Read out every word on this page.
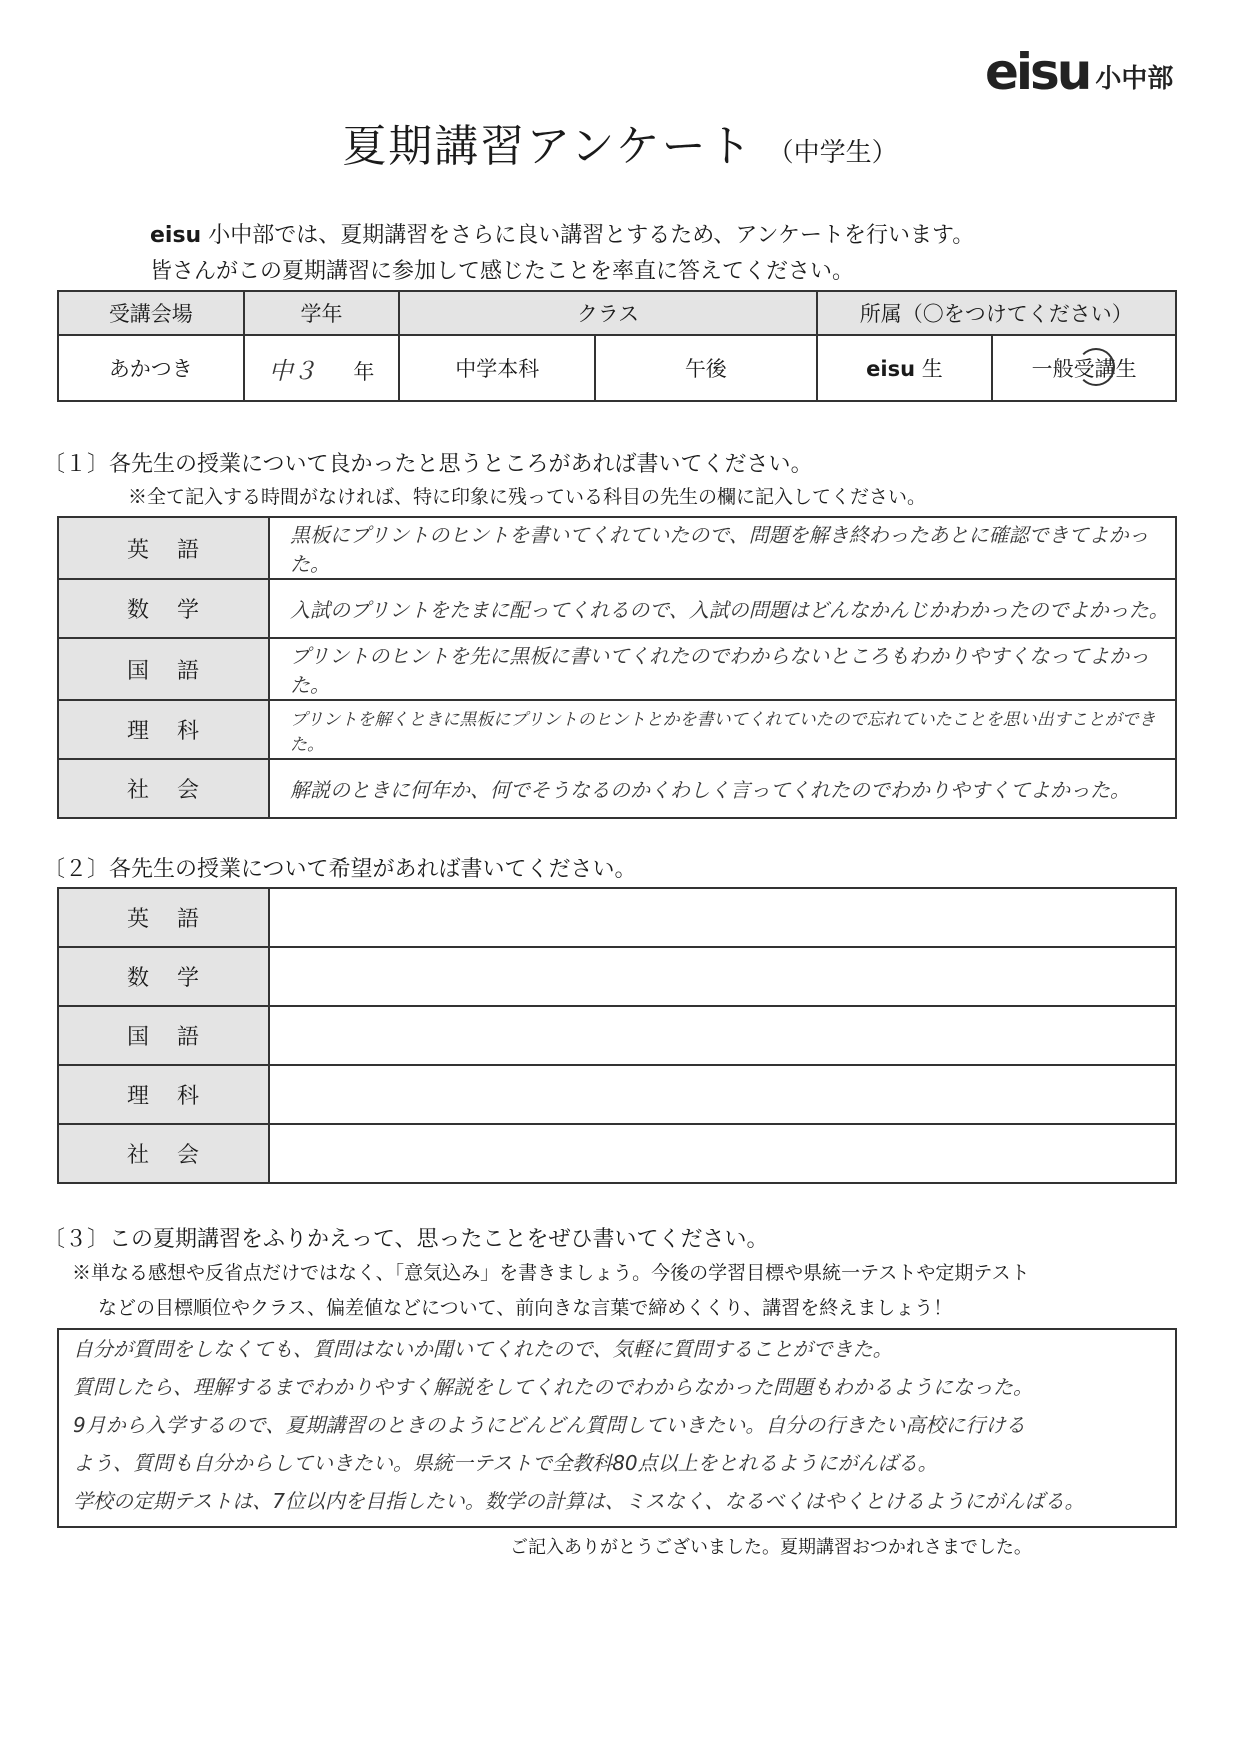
eisu 小中部
夏期講習アンケート （中学生）
eisu 小中部では、夏期講習をさらに良い講習とするため、アンケートを行います。
皆さんがこの夏期講習に参加して感じたことを率直に答えてください。
受講会場	学年	クラス		所属（〇をつけてください）	
あかつき	中３ 年	中学本科	午後	eisu 生	一般受講生
〔１〕各先生の授業について良かったと思うところがあれば書いてください。
※全て記入する時間がなければ、特に印象に残っている科目の先生の欄に記入してください。
英語	黒板にプリントのヒントを書いてくれていたので、問題を解き終わったあとに確認できてよかった。
数学	入試のプリントをたまに配ってくれるので、入試の問題はどんなかんじかわかったのでよかった。
国語	プリントのヒントを先に黒板に書いてくれたのでわからないところもわかりやすくなってよかった。
理科	プリントを解くときに黒板にプリントのヒントとかを書いてくれていたので忘れていたことを思い出すことができた。
社会	解説のときに何年か、何でそうなるのかくわしく言ってくれたのでわかりやすくてよかった。
〔２〕各先生の授業について希望があれば書いてください。
英語	
数学	
国語	
理科	
社会	
〔３〕この夏期講習をふりかえって、思ったことをぜひ書いてください。
※単なる感想や反省点だけではなく、「意気込み」を書きましょう。今後の学習目標や県統一テストや定期テスト
などの目標順位やクラス、偏差値などについて、前向きな言葉で締めくくり、講習を終えましょう！
自分が質問をしなくても、質問はないか聞いてくれたので、気軽に質問することができた。
質問したら、理解するまでわかりやすく解説をしてくれたのでわからなかった問題もわかるようになった。
9月から入学するので、夏期講習のときのようにどんどん質問していきたい。自分の行きたい高校に行ける
よう、質問も自分からしていきたい。県統一テストで全教科80点以上をとれるようにがんばる。
学校の定期テストは、7位以内を目指したい。数学の計算は、ミスなく、なるべくはやくとけるようにがんばる。
ご記入ありがとうございました。夏期講習おつかれさまでした。
